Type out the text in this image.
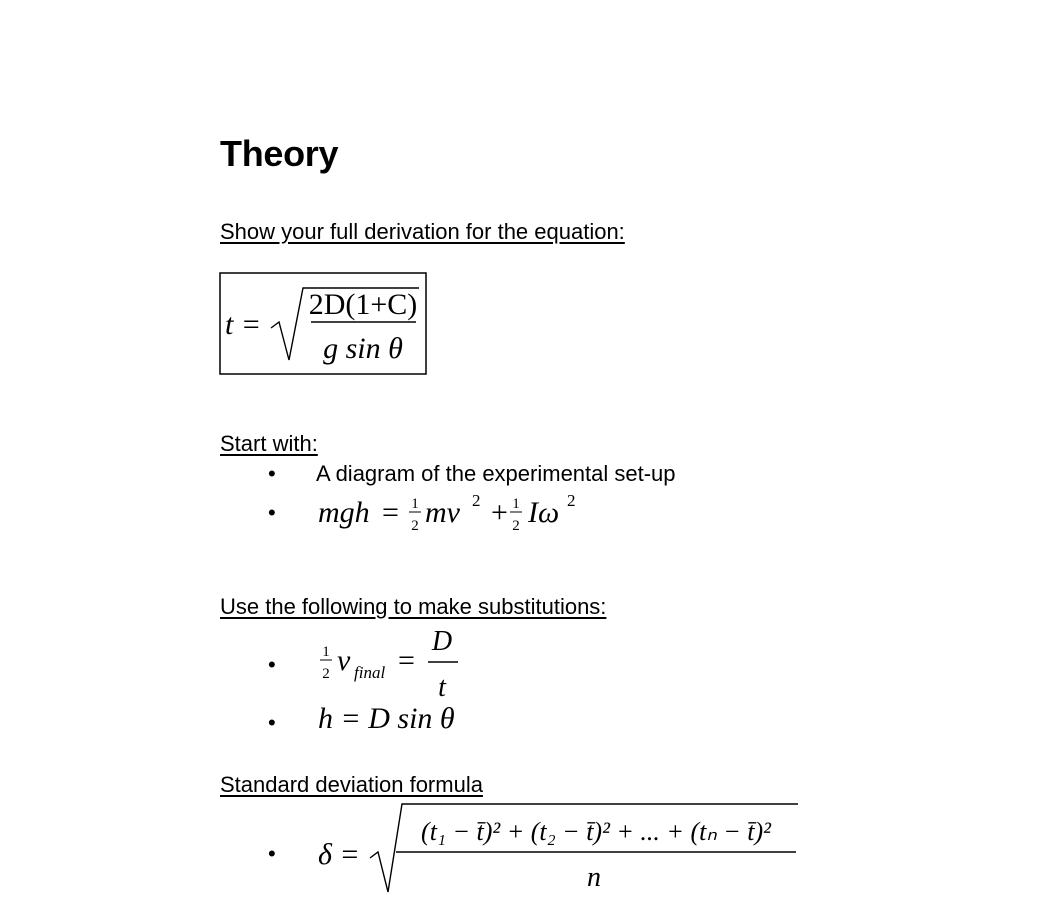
Theory
Show your full derivation for the equation:
t =
2D(1+C)
g sin θ
Start with:
• A diagram of the experimental set-up
• mgh = 1
2 mv 2 + 1
2 Iω 2
Use the following to make substitutions:
•	1
2 v final =
D
t
• h = D sin θ
Standard deviation formula
• δ =
(t₁ − t̄)² + (t₂ − t̄)² + ... + (tₙ − t̄)²
n
